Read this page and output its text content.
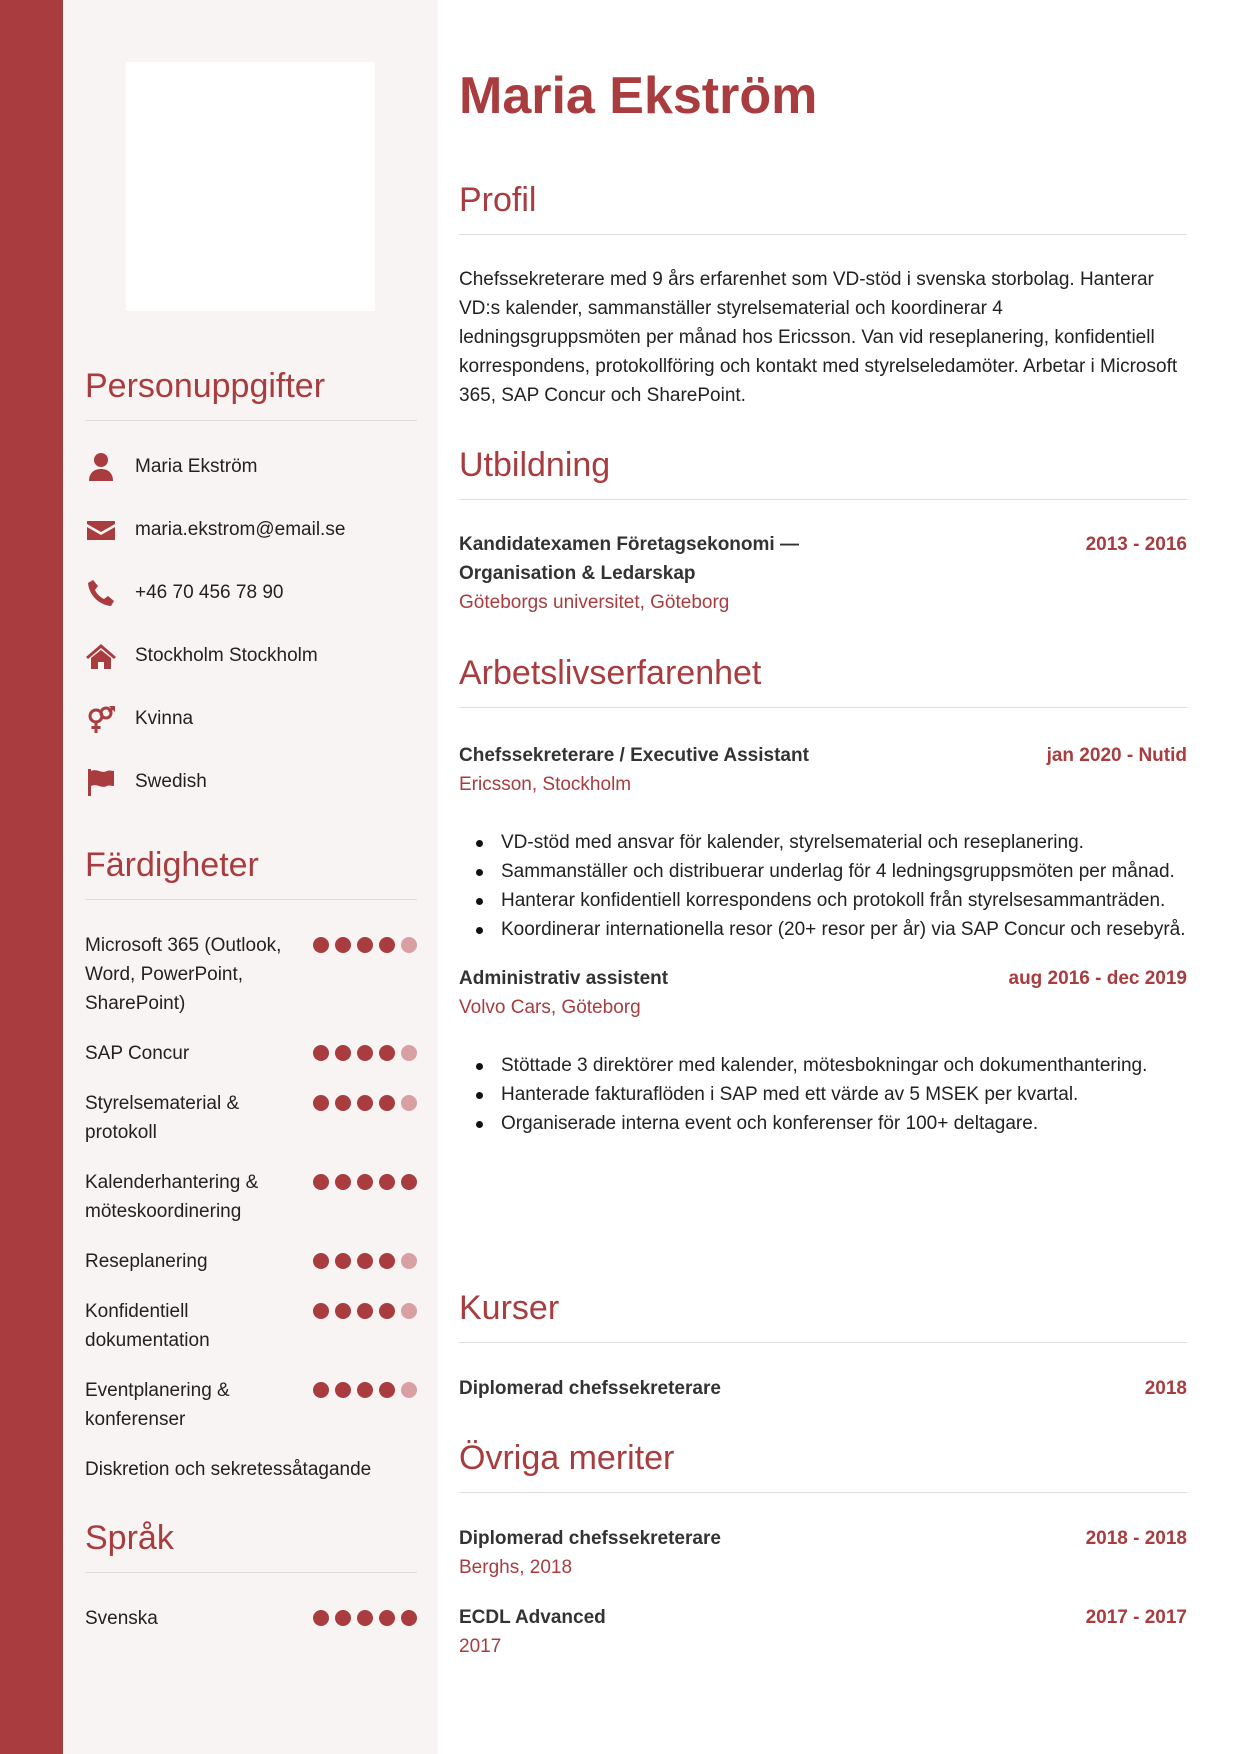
Personuppgifter
Maria Ekström
maria.ekstrom@email.se
+46 70 456 78 90
Stockholm Stockholm
Kvinna
Swedish
Färdigheter
Microsoft 365 (Outlook, Word, PowerPoint, SharePoint)
SAP Concur
Styrelsematerial & protokoll
Kalenderhantering & möteskoordinering
Reseplanering
Konfidentiell dokumentation
Eventplanering & konferenser
Diskretion och sekretessåtagande
Språk
Svenska
Maria Ekström
Profil

Chefssekreterare med 9 års erfarenhet som VD-stöd i svenska storbolag. Hanterar VD:s kalender, sammanställer styrelsematerial och koordinerar 4 ledningsgruppsmöten per månad hos Ericsson. Van vid reseplanering, konfidentiell korrespondens, protokollföring och kontakt med styrelseledamöter. Arbetar i Microsoft 365, SAP Concur och SharePoint.

Utbildning
Kandidatexamen Företagsekonomi — Organisation & Ledarskap
2013 - 2016
Göteborgs universitet, Göteborg
Arbetslivserfarenhet
Chefssekreterare / Executive Assistant	jan 2020 - Nutid
Ericsson, Stockholm
VD-stöd med ansvar för kalender, styrelsematerial och reseplanering.
Sammanställer och distribuerar underlag för 4 ledningsgruppsmöten per månad.
Hanterar konfidentiell korrespondens och protokoll från styrelsesammanträden.
Koordinerar internationella resor (20+ resor per år) via SAP Concur och resebyrå.
Administrativ assistent	aug 2016 - dec 2019
Volvo Cars, Göteborg
Stöttade 3 direktörer med kalender, mötesbokningar och dokumenthantering.
Hanterade fakturaflöden i SAP med ett värde av 5 MSEK per kvartal.
Organiserade interna event och konferenser för 100+ deltagare.
Kurser
Diplomerad chefssekreterare	2018
Övriga meriter
Diplomerad chefssekreterare	2018 - 2018
Berghs, 2018
ECDL Advanced	2017 - 2017
2017
